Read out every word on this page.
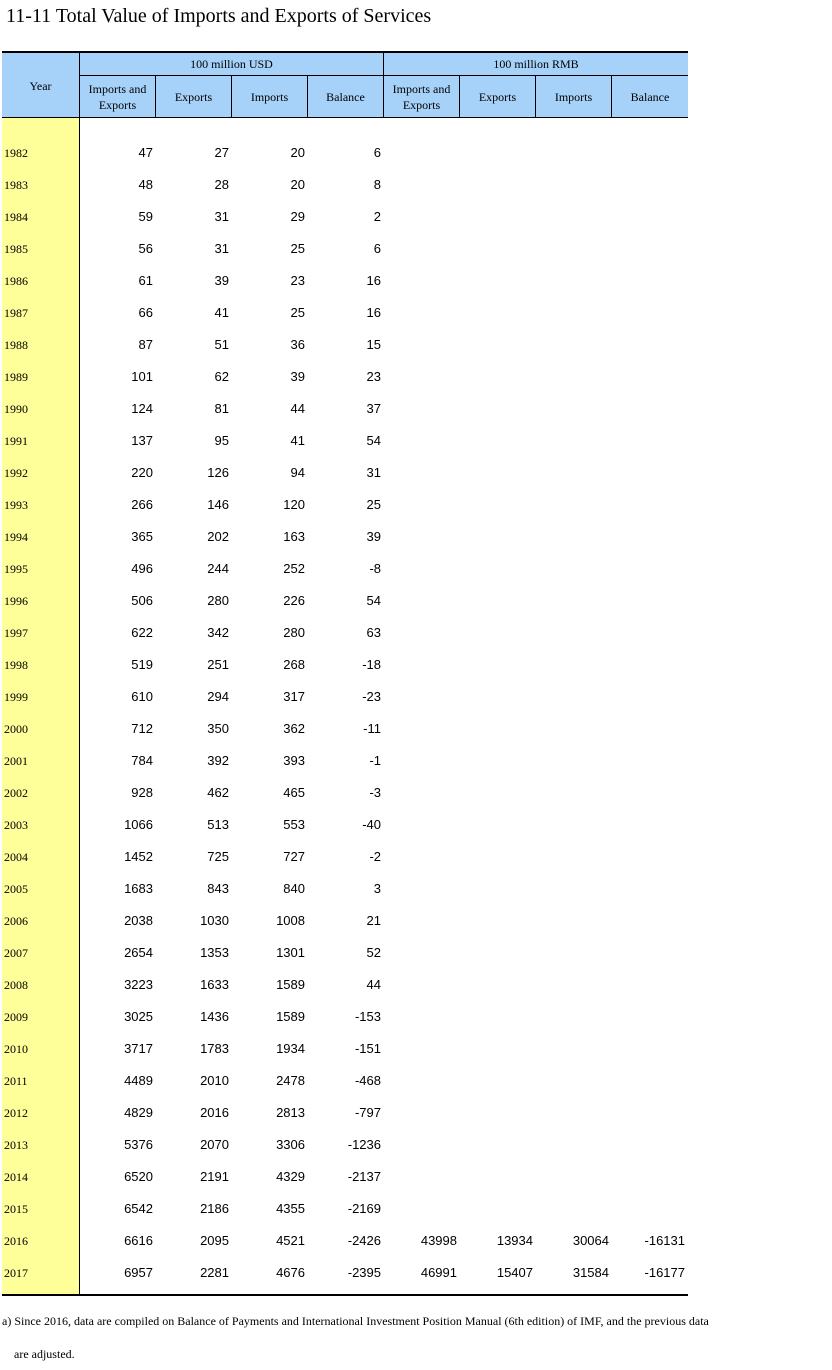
11-11 Total Value of Imports and Exports of Services
Year
100 million USD	100 million RMB
Imports and Exports
Exports	Imports	Balance
Imports and Exports
Exports	Imports	Balance
1982	47	27	20	6
1983	48	28	20	8
1984	59	31	29	2
1985	56	31	25	6
1986	61	39	23	16
1987	66	41	25	16
1988	87	51	36	15
1989	101	62	39	23
1990	124	81	44	37
1991	137	95	41	54
1992	220	126	94	31
1993	266	146	120	25
1994	365	202	163	39
1995	496	244	252	-8
1996	506	280	226	54
1997	622	342	280	63
1998	519	251	268	-18
1999	610	294	317	-23
2000	712	350	362	-11
2001	784	392	393	-1
2002	928	462	465	-3
2003	1066	513	553	-40
2004	1452	725	727	-2
2005	1683	843	840	3
2006	2038	1030	1008	21
2007	2654	1353	1301	52
2008	3223	1633	1589	44
2009	3025	1436	1589	-153
2010	3717	1783	1934	-151
2011	4489	2010	2478	-468
2012	4829	2016	2813	-797
2013	5376	2070	3306	-1236
2014	6520	2191	4329	-2137
2015	6542	2186	4355	-2169
2016	6616	2095	4521	-2426	43998	13934	30064	-16131
2017	6957	2281	4676	-2395	46991	15407	31584	-16177
a) Since 2016, data are compiled on Balance of Payments and International Investment Position Manual (6th edition) of IMF, and the previous data
are adjusted.
